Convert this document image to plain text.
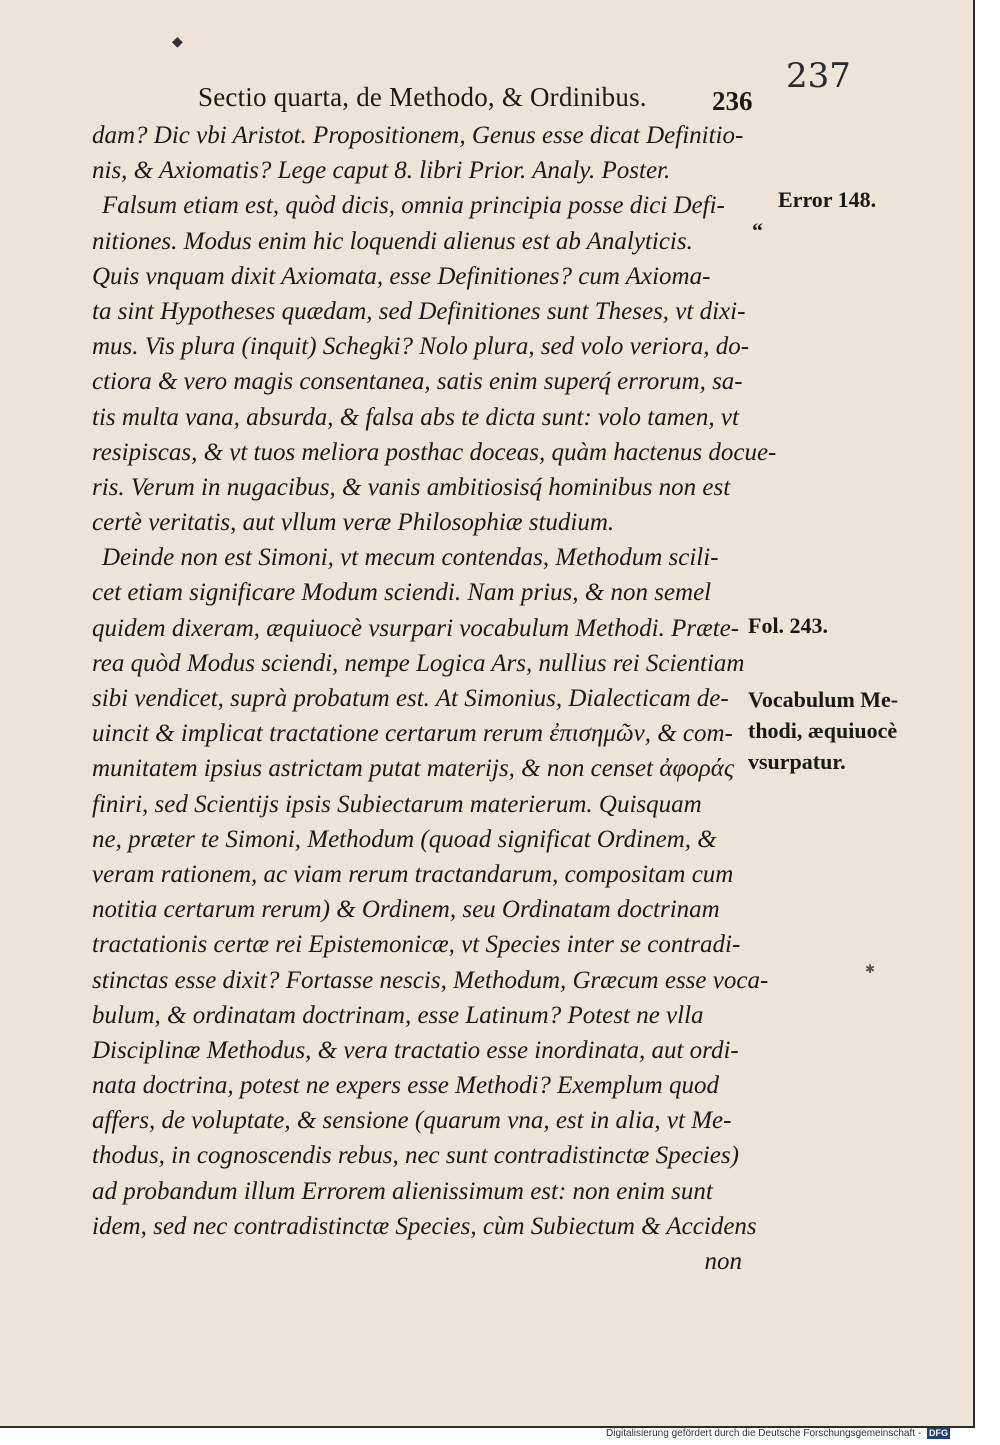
◆
Sectio quarta, de Methodo, & Ordinibus. 236
237
dam? Dic vbi Aristot. Propositionem, Genus esse dicat Definitio-
nis, & Axiomatis? Lege caput 8. libri Prior. Analy. Poster.
Falsum etiam est, quòd dicis, omnia principia posse dici Defi-
nitiones. Modus enim hic loquendi alienus est ab Analyticis.
Quis vnquam dixit Axiomata, esse Definitiones? cum Axioma-
ta sint Hypotheses quædam, sed Definitiones sunt Theses, vt dixi-
mus. Vis plura (inquit) Schegki? Nolo plura, sed volo veriora, do-
ctiora & vero magis consentanea, satis enim superq́ errorum, sa-
tis multa vana, absurda, & falsa abs te dicta sunt: volo tamen, vt
resipiscas, & vt tuos meliora posthac doceas, quàm hactenus docue-
ris. Verum in nugacibus, & vanis ambitiosisq́ hominibus non est
certè veritatis, aut vllum veræ Philosophiæ studium.
Deinde non est Simoni, vt mecum contendas, Methodum scili-
cet etiam significare Modum sciendi. Nam prius, & non semel
quidem dixeram, æquiuocè vsurpari vocabulum Methodi. Præte-
rea quòd Modus sciendi, nempe Logica Ars, nullius rei Scientiam
sibi vendicet, suprà probatum est. At Simonius, Dialecticam de-
uincit & implicat tractatione certarum rerum ἐπισημῶν, & com-
munitatem ipsius astrictam putat materijs, & non censet ἀφοράς
finiri, sed Scientijs ipsis Subiectarum materierum. Quisquam
ne, præter te Simoni, Methodum (quoad significat Ordinem, &
veram rationem, ac viam rerum tractandarum, compositam cum
notitia certarum rerum) & Ordinem, seu Ordinatam doctrinam
tractationis certæ rei Epistemonicæ, vt Species inter se contradi-
stinctas esse dixit? Fortasse nescis, Methodum, Græcum esse voca-
bulum, & ordinatam doctrinam, esse Latinum? Potest ne vlla
Disciplinæ Methodus, & vera tractatio esse inordinata, aut ordi-
nata doctrina, potest ne expers esse Methodi? Exemplum quod
affers, de voluptate, & sensione (quarum vna, est in alia, vt Me-
thodus, in cognoscendis rebus, nec sunt contradistinctæ Species)
ad probandum illum Errorem alienissimum est: non enim sunt
idem, sed nec contradistinctæ Species, cùm Subiectum & Accidens
non
Error 148.
“
Fol. 243.
Vocabulum Me-
thodi, æquiuocè
vsurpatur.
✱
Digitalisierung gefördert durch die Deutsche Forschungsgemeinschaft - DFG
